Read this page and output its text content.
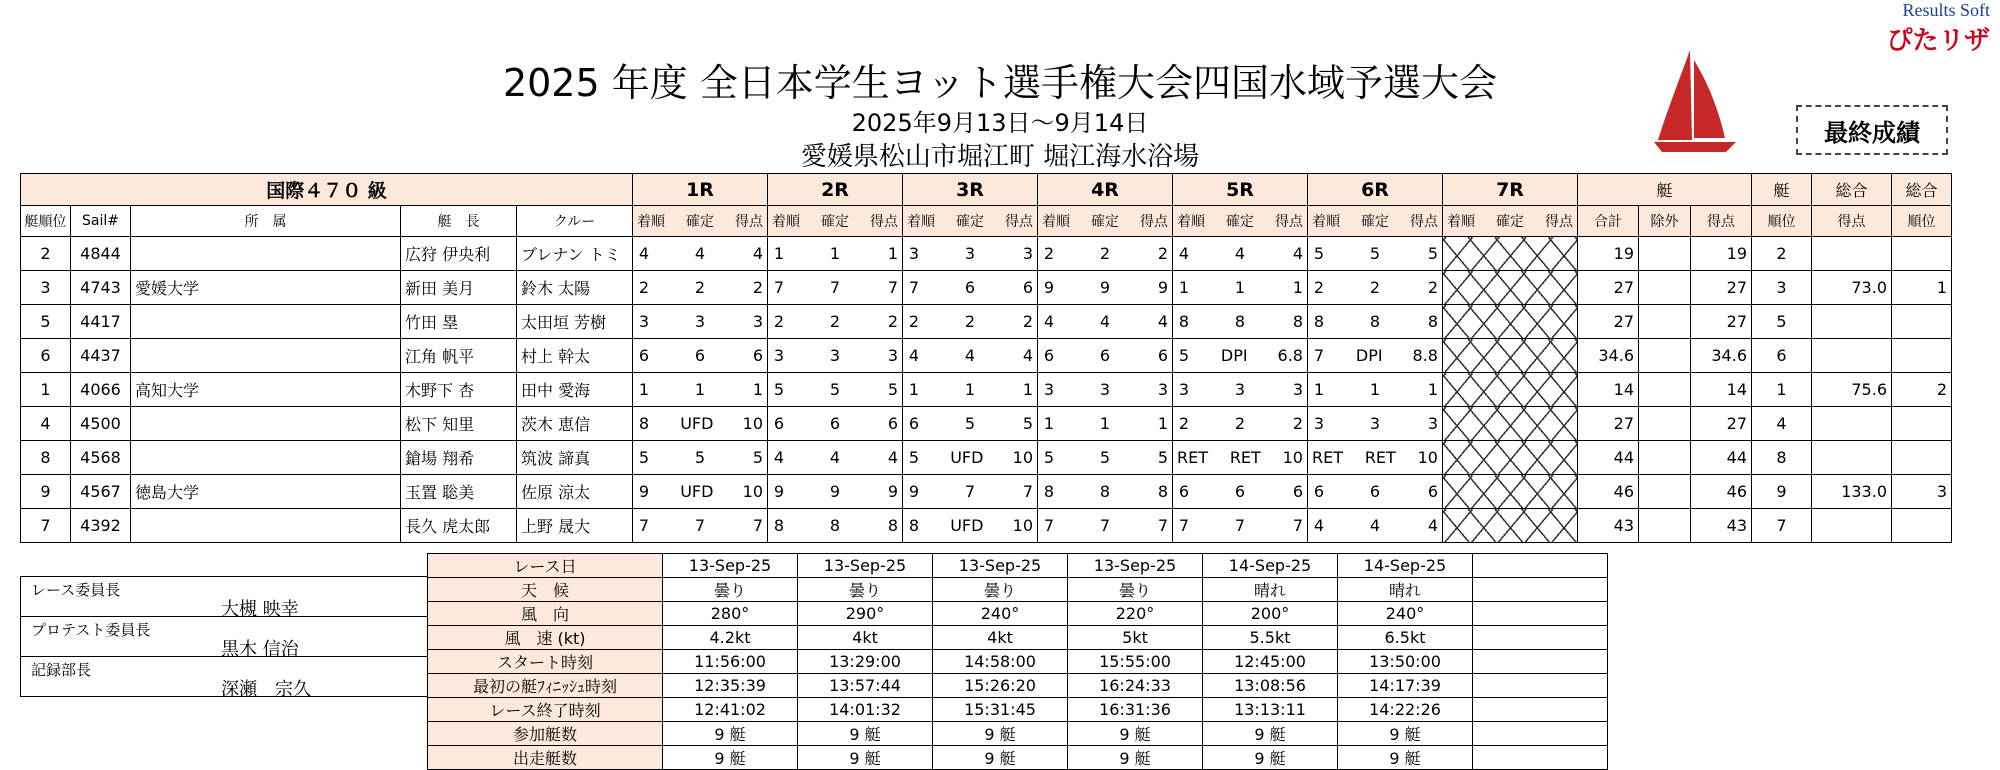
Results Soft
ぴたリザ
2025 年度 全日本学生ヨット選手権大会四国水域予選大会
2025年9月13日～9月14日
愛媛県松山市堀江町 堀江海水浴場
最終成績
国際４７０ 級					1R	2R	3R	4R	5R	6R	7R	艇			艇	総合	総合
艇順位	Sail#	所　属	艇　長	クルー	着順 確定 得点	着順 確定 得点	着順 確定 得点	着順 確定 得点	着順 確定 得点	着順 確定 得点	着順 確定 得点	合計	除外	得点	順位	得点	順位
2	4844		広狩 伊央利	ブレナン トミ	4 4 4	1 1 1	3 3 3	2 2 2	4 4 4	5 5 5		19		19	2		
3	4743	愛媛大学	新田 美月	鈴木 太陽	2 2 2	7 7 7	7 6 6	9 9 9	1 1 1	2 2 2		27		27	3	73.0	1
5	4417		竹田 塁	太田垣 芳樹	3 3 3	2 2 2	2 2 2	4 4 4	8 8 8	8 8 8		27		27	5		
6	4437		江角 帆平	村上 幹太	6 6 6	3 3 3	4 4 4	6 6 6	5 DPI 6.8	7 DPI 8.8		34.6		34.6	6		
1	4066	高知大学	木野下 杏	田中 愛海	1 1 1	5 5 5	1 1 1	3 3 3	3 3 3	1 1 1		14		14	1	75.6	2
4	4500		松下 知里	茨木 恵信	8 UFD 10	6 6 6	6 5 5	1 1 1	2 2 2	3 3 3		27		27	4		
8	4568		鎗場 翔希	筑波 諦真	5 5 5	4 4 4	5 UFD 10	5 5 5	RET RET 10	RET RET 10		44		44	8		
9	4567	徳島大学	玉置 聡美	佐原 涼太	9 UFD 10	9 9 9	9 7 7	8 8 8	6 6 6	6 6 6		46		46	9	133.0	3
7	4392		長久 虎太郎	上野 晟大	7 7 7	8 8 8	8 UFD 10	7 7 7	7 7 7	4 4 4		43		43	7		
レース委員長
大槻 映幸
プロテスト委員長
黒木 信治
記録部長
深瀬　宗久
レース日	13-Sep-25	13-Sep-25	13-Sep-25	13-Sep-25	14-Sep-25	14-Sep-25	
天　候	曇り	曇り	曇り	曇り	晴れ	晴れ	
風　向	280°	290°	240°	220°	200°	240°	
風　速 (kt)	4.2kt	4kt	4kt	5kt	5.5kt	6.5kt	
スタート時刻	11:56:00	13:29:00	14:58:00	15:55:00	12:45:00	13:50:00	
最初の艇ﾌｨﾆｯｼｭ時刻	12:35:39	13:57:44	15:26:20	16:24:33	13:08:56	14:17:39	
レース終了時刻	12:41:02	14:01:32	15:31:45	16:31:36	13:13:11	14:22:26	
参加艇数	9 艇	9 艇	9 艇	9 艇	9 艇	9 艇	
出走艇数	9 艇	9 艇	9 艇	9 艇	9 艇	9 艇	
